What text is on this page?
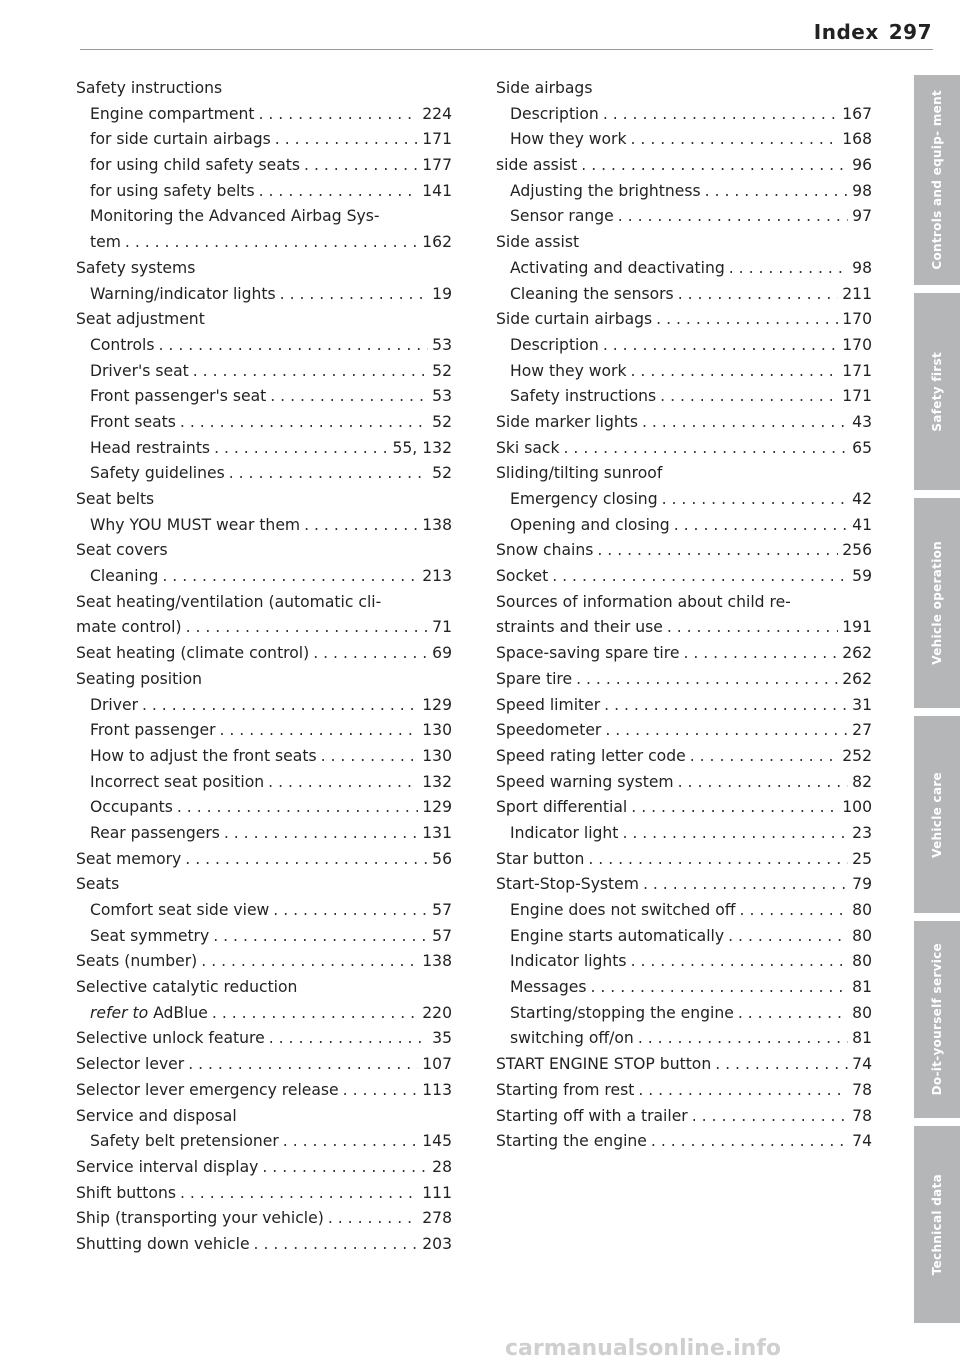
Index 297
Safety instructions
Engine compartment . . .	224
for side curtain airbags . . .	171
for using child safety seats . . .	177
for using safety belts . . .	141
Monitoring the Advanced Airbag Sys-
tem . . .	162
Safety systems
Warning/indicator lights . . .	19
Seat adjustment
Controls . . .	53
Driver's seat . . .	52
Front passenger's seat . . .	53
Front seats . . .	52
Head restraints . . .	55, 132
Safety guidelines . . .	52
Seat belts
Why YOU MUST wear them . . .	138
Seat covers
Cleaning . . .	213
Seat heating/ventilation (automatic cli-
mate control) . . .	71
Seat heating (climate control) . . .	69
Seating position
Driver . . .	129
Front passenger . . .	130
How to adjust the front seats . . .	130
Incorrect seat position . . .	132
Occupants . . .	129
Rear passengers . . .	131
Seat memory . . .	56
Seats
Comfort seat side view . . .	57
Seat symmetry . . .	57
Seats (number) . . .	138
Selective catalytic reduction
refer to AdBlue . . .	220
Selective unlock feature . . .	35
Selector lever . . .	107
Selector lever emergency release . . .	113
Service and disposal
Safety belt pretensioner . . .	145
Service interval display . . .	28
Shift buttons . . .	111
Ship (transporting your vehicle) . . .	278
Shutting down vehicle . . .	203
Side airbags
Description . . .	167
How they work . . .	168
side assist . . .	96
Adjusting the brightness . . .	98
Sensor range . . .	97
Side assist
Activating and deactivating . . .	98
Cleaning the sensors . . .	211
Side curtain airbags . . .	170
Description . . .	170
How they work . . .	171
Safety instructions . . .	171
Side marker lights . . .	43
Ski sack . . .	65
Sliding/tilting sunroof
Emergency closing . . .	42
Opening and closing . . .	41
Snow chains . . .	256
Socket . . .	59
Sources of information about child re-
straints and their use . . .	191
Space-saving spare tire . . .	262
Spare tire . . .	262
Speed limiter . . .	31
Speedometer . . .	27
Speed rating letter code . . .	252
Speed warning system . . .	82
Sport differential . . .	100
Indicator light . . .	23
Star button . . .	25
Start-Stop-System . . .	79
Engine does not switched off . . .	80
Engine starts automatically . . .	80
Indicator lights . . .	80
Messages . . .	81
Starting/stopping the engine . . .	80
switching off/on . . .	81
START ENGINE STOP button . . .	74
Starting from rest . . .	78
Starting off with a trailer . . .	78
Starting the engine . . .	74
Controls and equip- ment
Safety first
Vehicle operation
Vehicle care
Do-it-yourself service
Technical data
carmanualsonline.info
